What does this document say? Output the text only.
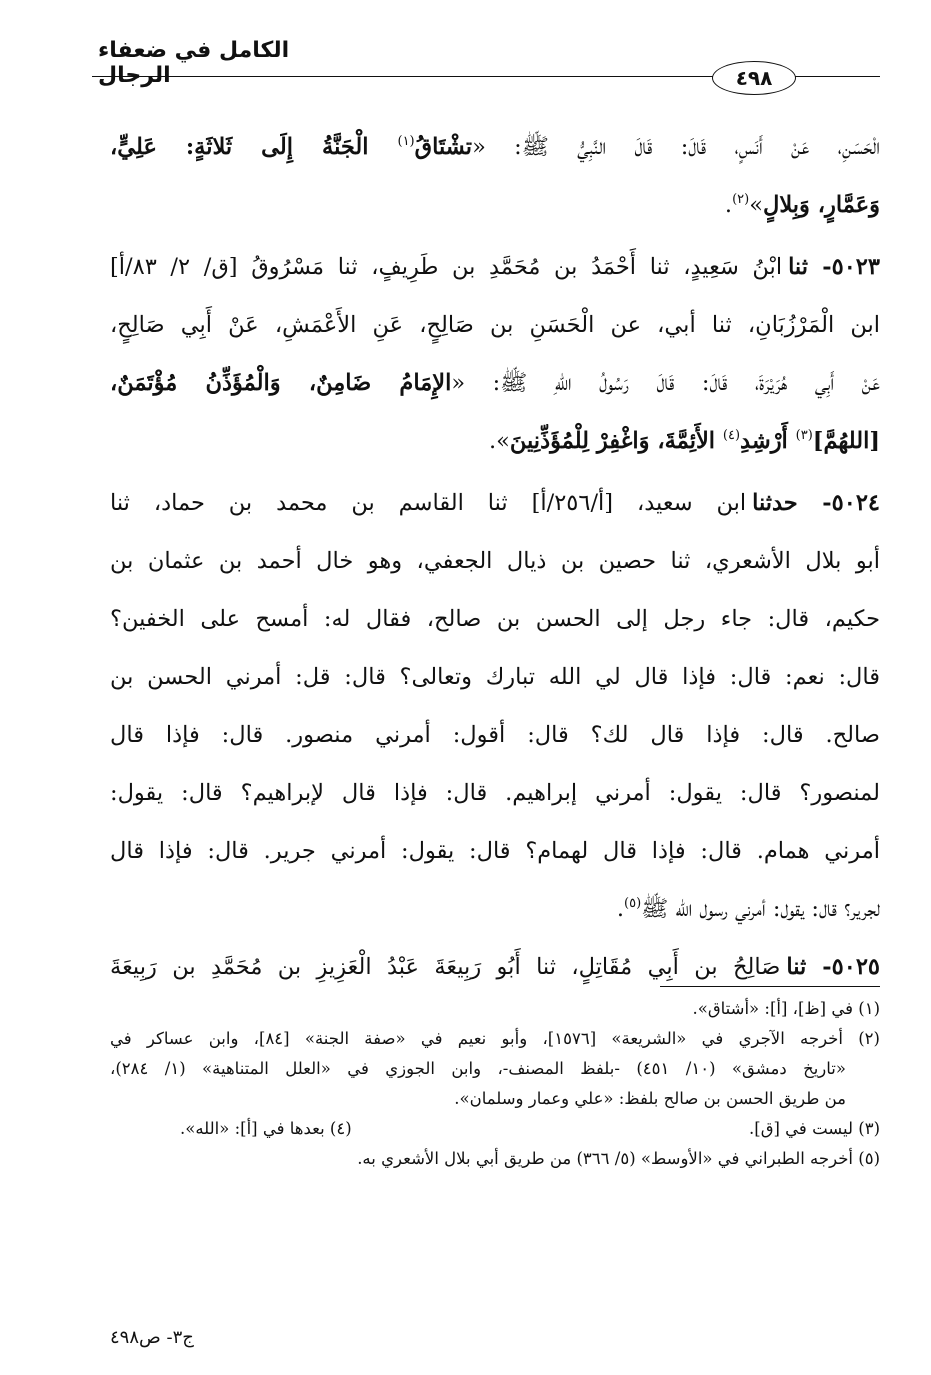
الكامل في ضعفاء الرجال	٤٩٨
الْحَسَنِ، عَنْ أَنَسٍ، قَالَ: قَالَ النَّبِيُّ ﷺ: «تشْتَاقُ$^{(١)}$ الْجَنَّةُ إِلَى ثَلاثَةٍ: عَلِيٍّ،
وَعَمَّارٍ، وَبِلالٍ»$^{(٢)}$.
٥٠٢٣- ثناابْنُ سَعِيدٍ، ثنا أَحْمَدُ بن مُحَمَّدِ بن طَرِيفٍ، ثنا مَسْرُوقُ [ق/ ٢/ ٨٣/أ]
ابن الْمَرْزُبَانِ، ثنا أبي، عن الْحَسَنِ بن صَالِحٍ، عَنِ الأَعْمَشِ، عَنْ أَبِي صَالِحٍ،
عَنْ أَبِي هُرَيْرَةَ، قَالَ: قَالَ رَسُولُ اللهِ ﷺ: «الإِمَامُ ضَامِنٌ، وَالْمُؤَذِّنُ مُؤْتَمَنٌ،
[اللهُمَّ]$^{(٣)}$ أَرْشِدِ$^{(٤)}$ الأَئِمَّةَ، وَاغْفِرْ لِلْمُؤَذِّنِينَ».
٥٠٢٤- حدثناابن سعيد، [أ/٢٥٦/أ] ثنا القاسم بن محمد بن حماد، ثنا
أبو بلال الأشعري، ثنا حصين بن ذيال الجعفي، وهو خال أحمد بن عثمان بن
حكيم، قال: جاء رجل إلى الحسن بن صالح، فقال له: أمسح على الخفين؟
قال: نعم: قال: فإذا قال لي الله تبارك وتعالى؟ قال: قل: أمرني الحسن بن
صالح. قال: فإذا قال لك؟ قال: أقول: أمرني منصور. قال: فإذا قال
لمنصور؟ قال: يقول: أمرني إبراهيم. قال: فإذا قال لإبراهيم؟ قال: يقول:
أمرني همام. قال: فإذا قال لهمام؟ قال: يقول: أمرني جرير. قال: فإذا قال
لجرير؟ قال: يقول: أمرني رسول الله ﷺ$^{(٥)}$.
٥٠٢٥- ثناصَالِحُ بن أَبِي مُقَاتِلٍ، ثنا أَبُو رَبِيعَةَ عَبْدُ الْعَزِيزِ بن مُحَمَّدِ بن رَبِيعَةَ
(١) في [ظ]، [أ]: «أشتاق».
(٢) أخرجه الآجري في «الشريعة» [١٥٧٦]، وأبو نعيم في «صفة الجنة» [٨٤]، وابن عساكر في
«تاريخ دمشق» (١٠/ ٤٥١) -بلفظ المصنف-، وابن الجوزي في «العلل المتناهية» (١/ ٢٨٤)،
من طريق الحسن بن صالح بلفظ: «علي وعمار وسلمان».
(٣) ليست في [ق].
(٤) بعدها في [أ]: «الله».
(٥) أخرجه الطبراني في «الأوسط» (٥/ ٣٦٦) من طريق أبي بلال الأشعري به.
ج٣- ص٤٩٨
